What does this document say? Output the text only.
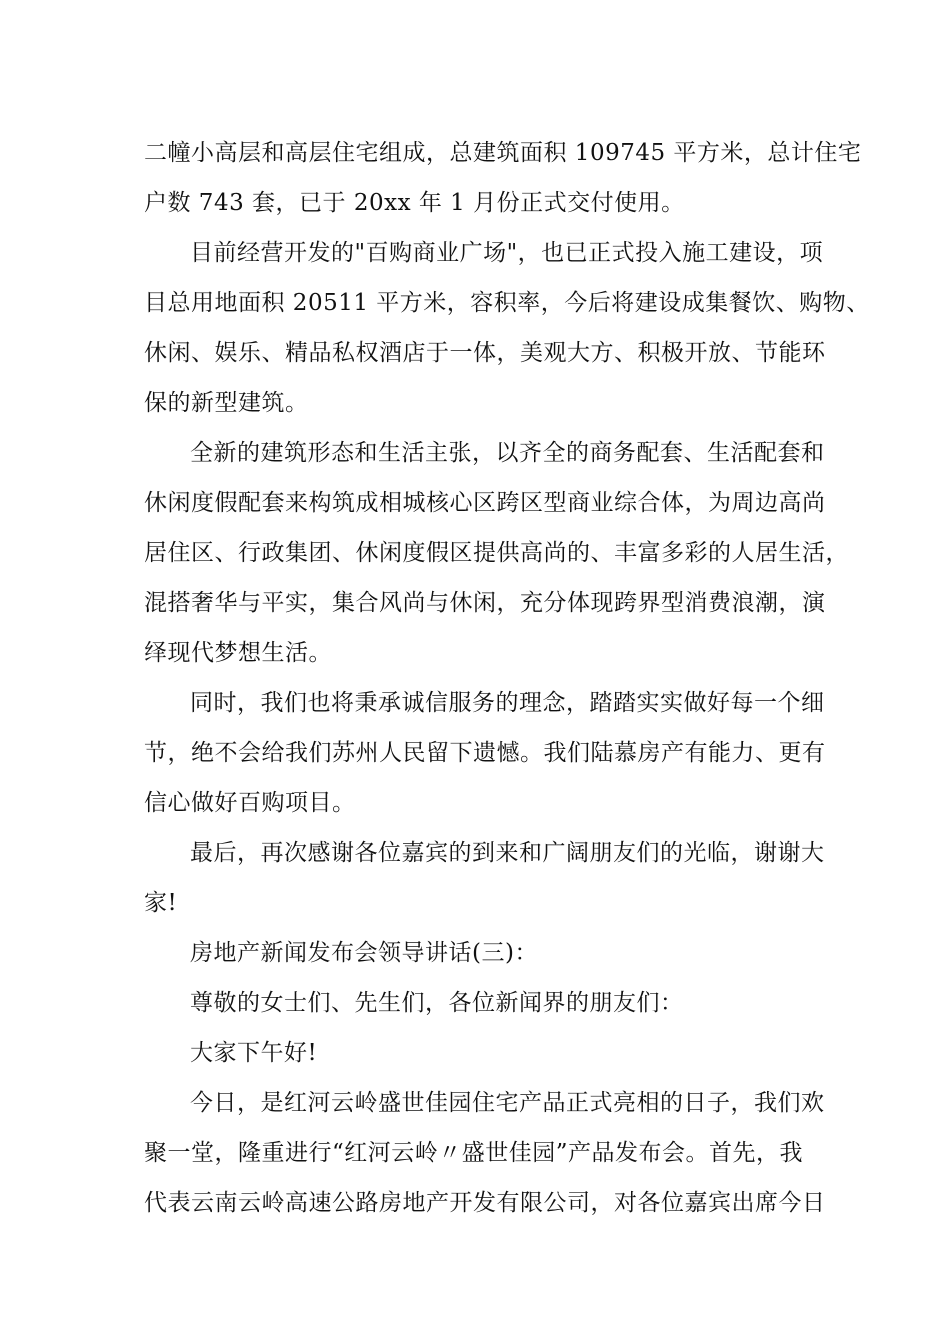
二幢小高层和高层住宅组成，总建筑面积 109745 平方米，总计住宅
户数 743 套，已于 20xx 年 1 月份正式交付使用。
目前经营开发的"百购商业广场"，也已正式投入施工建设，项
目总用地面积 20511 平方米，容积率，今后将建设成集餐饮、购物、
休闲、娱乐、精品私权酒店于一体，美观大方、积极开放、节能环
保的新型建筑。
全新的建筑形态和生活主张，以齐全的商务配套、生活配套和
休闲度假配套来构筑成相城核心区跨区型商业综合体，为周边高尚
居住区、行政集团、休闲度假区提供高尚的、丰富多彩的人居生活，
混搭奢华与平实，集合风尚与休闲，充分体现跨界型消费浪潮，演
绎现代梦想生活。
同时，我们也将秉承诚信服务的理念，踏踏实实做好每一个细
节，绝不会给我们苏州人民留下遗憾。我们陆慕房产有能力、更有
信心做好百购项目。
最后，再次感谢各位嘉宾的到来和广阔朋友们的光临，谢谢大
家!
房地产新闻发布会领导讲话(三)：
尊敬的女士们、先生们，各位新闻界的朋友们：
大家下午好!
今日，是红河云岭盛世佳园住宅产品正式亮相的日子，我们欢
聚一堂，隆重进行“红河云岭〃盛世佳园”产品发布会。首先，我
代表云南云岭高速公路房地产开发有限公司，对各位嘉宾出席今日
